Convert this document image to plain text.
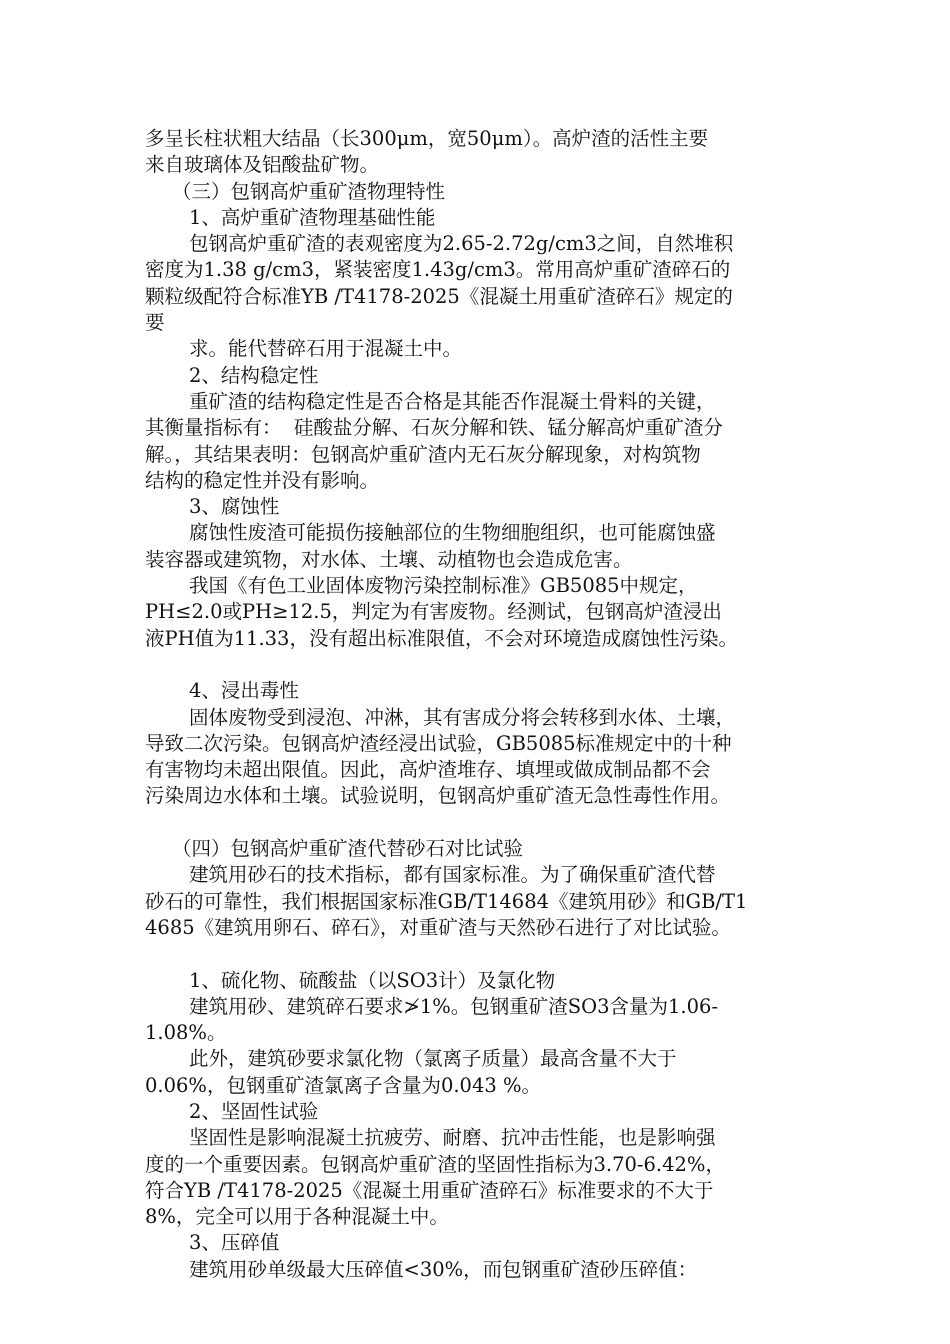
多呈长柱状粗大结晶（长300μm，宽50μm）。高炉渣的活性主要
来自玻璃体及铝酸盐矿物。
（三）包钢高炉重矿渣物理特性
1、高炉重矿渣物理基础性能
包钢高炉重矿渣的表观密度为2.65-2.72g/cm3之间，自然堆积
密度为1.38 g/cm3，紧装密度1.43g/cm3。常用高炉重矿渣碎石的
颗粒级配符合标准YB /T4178-2025《混凝土用重矿渣碎石》规定的
要
求。能代替碎石用于混凝土中。
2、结构稳定性
重矿渣的结构稳定性是否合格是其能否作混凝土骨料的关键，
其衡量指标有：  硅酸盐分解、石灰分解和铁、锰分解高炉重矿渣分
解。，其结果表明：包钢高炉重矿渣内无石灰分解现象，对构筑物
结构的稳定性并没有影响。
3、腐蚀性
腐蚀性废渣可能损伤接触部位的生物细胞组织，也可能腐蚀盛
装容器或建筑物，对水体、土壤、动植物也会造成危害。
我国《有色工业固体废物污染控制标准》GB5085中规定，
PH≤2.0或PH≥12.5，判定为有害废物。经测试，包钢高炉渣浸出
液PH值为11.33，没有超出标准限值，不会对环境造成腐蚀性污染。
4、浸出毒性
固体废物受到浸泡、冲淋，其有害成分将会转移到水体、土壤，
导致二次污染。包钢高炉渣经浸出试验，GB5085标准规定中的十种
有害物均未超出限值。因此，高炉渣堆存、填埋或做成制品都不会
污染周边水体和土壤。试验说明，包钢高炉重矿渣无急性毒性作用。
（四）包钢高炉重矿渣代替砂石对比试验
建筑用砂石的技术指标，都有国家标准。为了确保重矿渣代替
砂石的可靠性，我们根据国家标准GB/T14684《建筑用砂》和GB/T1
4685《建筑用卵石、碎石》，对重矿渣与天然砂石进行了对比试验。
1、硫化物、硫酸盐（以SO3计）及氯化物
建筑用砂、建筑碎石要求≯1%。包钢重矿渣SO3含量为1.06-
1.08%。
此外，建筑砂要求氯化物（氯离子质量）最高含量不大于
0.06%，包钢重矿渣氯离子含量为0.043 %。
2、坚固性试验
坚固性是影响混凝土抗疲劳、耐磨、抗冲击性能，也是影响强
度的一个重要因素。包钢高炉重矿渣的坚固性指标为3.70-6.42%，
符合YB /T4178-2025《混凝土用重矿渣碎石》标准要求的不大于
8%，完全可以用于各种混凝土中。
3、压碎值
建筑用砂单级最大压碎值<30%，而包钢重矿渣砂压碎值：
